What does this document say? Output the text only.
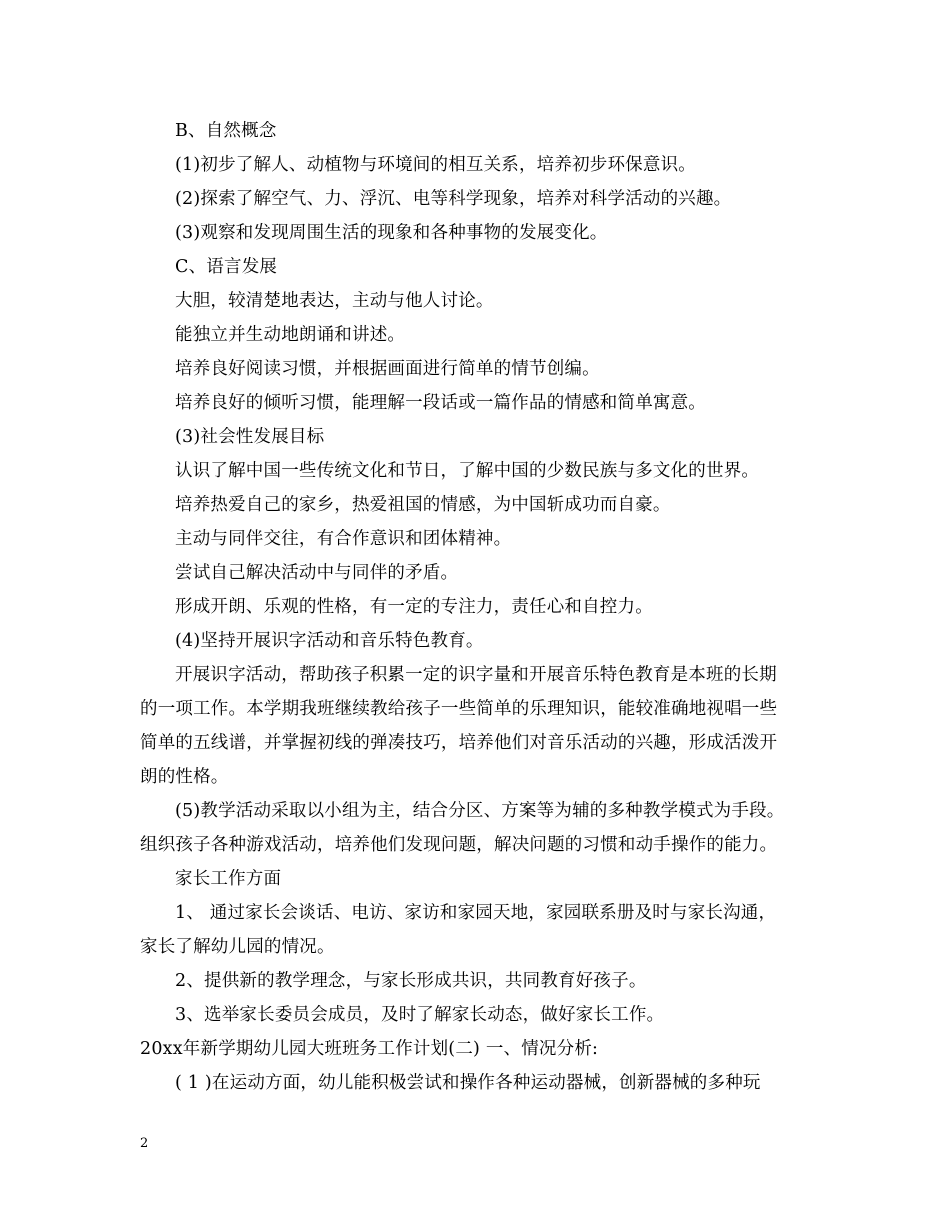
B、自然概念
(1)初步了解人、动植物与环境间的相互关系，培养初步环保意识。
(2)探索了解空气、力、浮沉、电等科学现象，培养对科学活动的兴趣。
(3)观察和发现周围生活的现象和各种事物的发展变化。
C、语言发展
大胆，较清楚地表达，主动与他人讨论。
能独立并生动地朗诵和讲述。
培养良好阅读习惯，并根据画面进行简单的情节创编。
培养良好的倾听习惯，能理解一段话或一篇作品的情感和简单寓意。
(3)社会性发展目标
认识了解中国一些传统文化和节日，了解中国的少数民族与多文化的世界。
培养热爱自己的家乡，热爱祖国的情感，为中国斩成功而自豪。
主动与同伴交往，有合作意识和团体精神。
尝试自己解决活动中与同伴的矛盾。
形成开朗、乐观的性格，有一定的专注力，责任心和自控力。
(4)坚持开展识字活动和音乐特色教育。
开展识字活动，帮助孩子积累一定的识字量和开展音乐特色教育是本班的长期
的一项工作。本学期我班继续教给孩子一些简单的乐理知识，能较准确地视唱一些
简单的五线谱，并掌握初线的弹凑技巧，培养他们对音乐活动的兴趣，形成活泼开
朗的性格。
(5)教学活动采取以小组为主，结合分区、方案等为辅的多种教学模式为手段。
组织孩子各种游戏活动，培养他们发现问题，解决问题的习惯和动手操作的能力。
家长工作方面
1、 通过家长会谈话、电访、家访和家园天地，家园联系册及时与家长沟通，
家长了解幼儿园的情况。
2、提供新的教学理念，与家长形成共识，共同教育好孩子。
3、选举家长委员会成员，及时了解家长动态，做好家长工作。
20xx年新学期幼儿园大班班务工作计划(二) 一、情况分析:
( 1 )在运动方面，幼儿能积极尝试和操作各种运动器械，创新器械的多种玩
2
